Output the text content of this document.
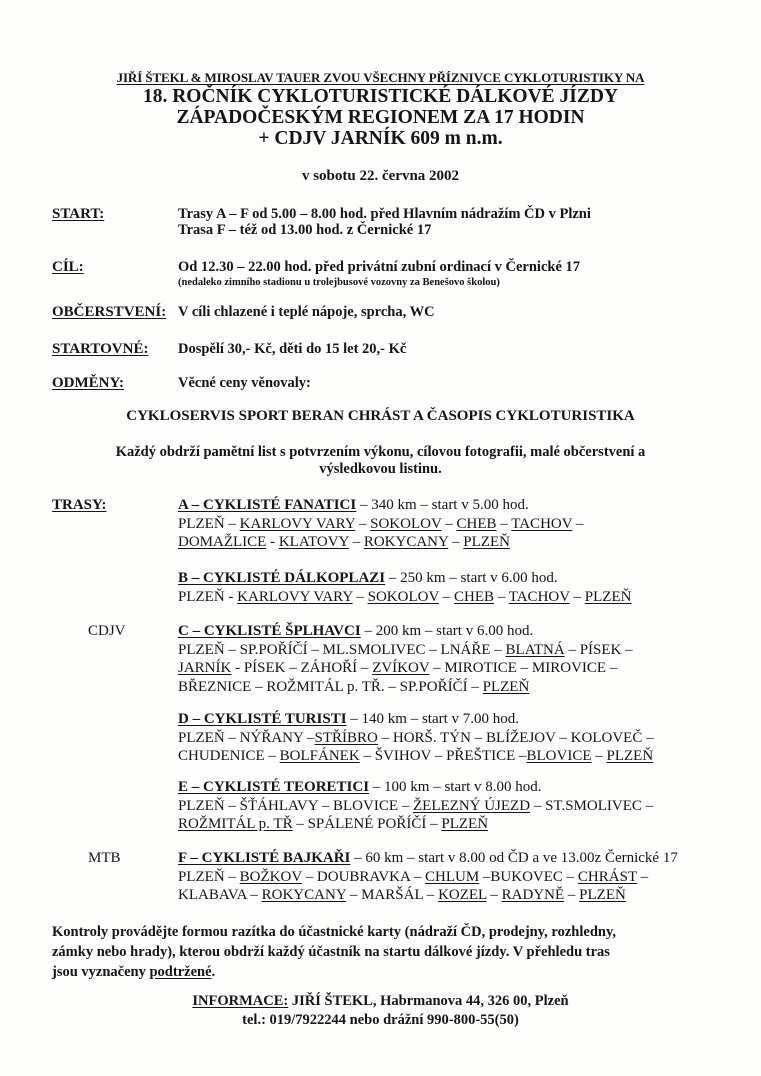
JIŘÍ ŠTEKL & MIROSLAV TAUER ZVOU VŠECHNY PŘÍZNIVCE CYKLOTURISTIKY NA
18. ROČNÍK CYKLOTURISTICKÉ DÁLKOVÉ JÍZDY
ZÁPADOČESKÝM REGIONEM ZA 17 HODIN
+ CDJV JARNÍK 609 m n.m.
v sobotu 22. června 2002
START:	Trasy A – F od 5.00 – 8.00 hod. před Hlavním nádražím ČD v Plzni
Trasa F – též od 13.00 hod. z Černické 17
CÍL:	Od 12.30 – 22.00 hod. před privátní zubní ordinací v Černické 17
(nedaleko zimního stadionu u trolejbusové vozovny za Benešovo školou)
OBČERSTVENÍ: V cíli chlazené i teplé nápoje, sprcha, WC
STARTOVNÉ: Dospělí 30,- Kč, děti do 15 let 20,- Kč
ODMĚNY:	Věcné ceny věnovaly:
CYKLOSERVIS SPORT BERAN CHRÁST A ČASOPIS CYKLOTURISTIKA
Každý obdrží pamětní list s potvrzením výkonu, cílovou fotografii, malé občerstvení a
výsledkovou listinu.
TRASY:	A – CYKLISTÉ FANATICI – 340 km – start v 5.00 hod.
PLZEŇ – KARLOVY VARY – SOKOLOV – CHEB – TACHOV –
DOMAŽLICE - KLATOVY – ROKYCANY – PLZEŇ
B – CYKLISTÉ DÁLKOPLAZI – 250 km – start v 6.00 hod.
PLZEŇ - KARLOVY VARY – SOKOLOV – CHEB – TACHOV – PLZEŇ
CDJV	C – CYKLISTÉ ŠPLHAVCI – 200 km – start v 6.00 hod.
PLZEŇ – SP.POŘÍČÍ – ML.SMOLIVEC – LNÁŘE – BLATNÁ – PÍSEK –
JARNÍK - PÍSEK – ZÁHOŘÍ – ZVÍKOV – MIROTICE – MIROVICE –
BŘEZNICE – ROŽMITÁL p. TŘ. – SP.POŘÍČÍ – PLZEŇ
D – CYKLISTÉ TURISTI – 140 km – start v 7.00 hod.
PLZEŇ – NÝŘANY –STŘÍBRO – HORŠ. TÝN – BLÍŽEJOV – KOLOVEČ –
CHUDENICE – BOLFÁNEK – ŠVIHOV – PŘEŠTICE –BLOVICE – PLZEŇ
E – CYKLISTÉ TEORETICI – 100 km – start v 8.00 hod.
PLZEŇ – ŠŤÁHLAVY – BLOVICE – ŽELEZNÝ ÚJEZD – ST.SMOLIVEC –
ROŽMITÁL p. TŘ – SPÁLENÉ POŘÍČÍ – PLZEŇ
MTB	F – CYKLISTÉ BAJKAŘI – 60 km – start v 8.00 od ČD a ve 13.00z Černické 17
PLZEŇ – BOŽKOV – DOUBRAVKA – CHLUM –BUKOVEC – CHRÁST –
KLABAVA – ROKYCANY – MARŠÁL – KOZEL – RADYNĚ – PLZEŇ
Kontroly provádějte formou razítka do účastnické karty (nádraží ČD, prodejny, rozhledny,
zámky nebo hrady), kterou obdrží každý účastník na startu dálkové jízdy. V přehledu tras
jsou vyznačeny podtržené.
INFORMACE: JIŘÍ ŠTEKL, Habrmanova 44, 326 00, Plzeň
tel.: 019/7922244 nebo drážní 990-800-55(50)
